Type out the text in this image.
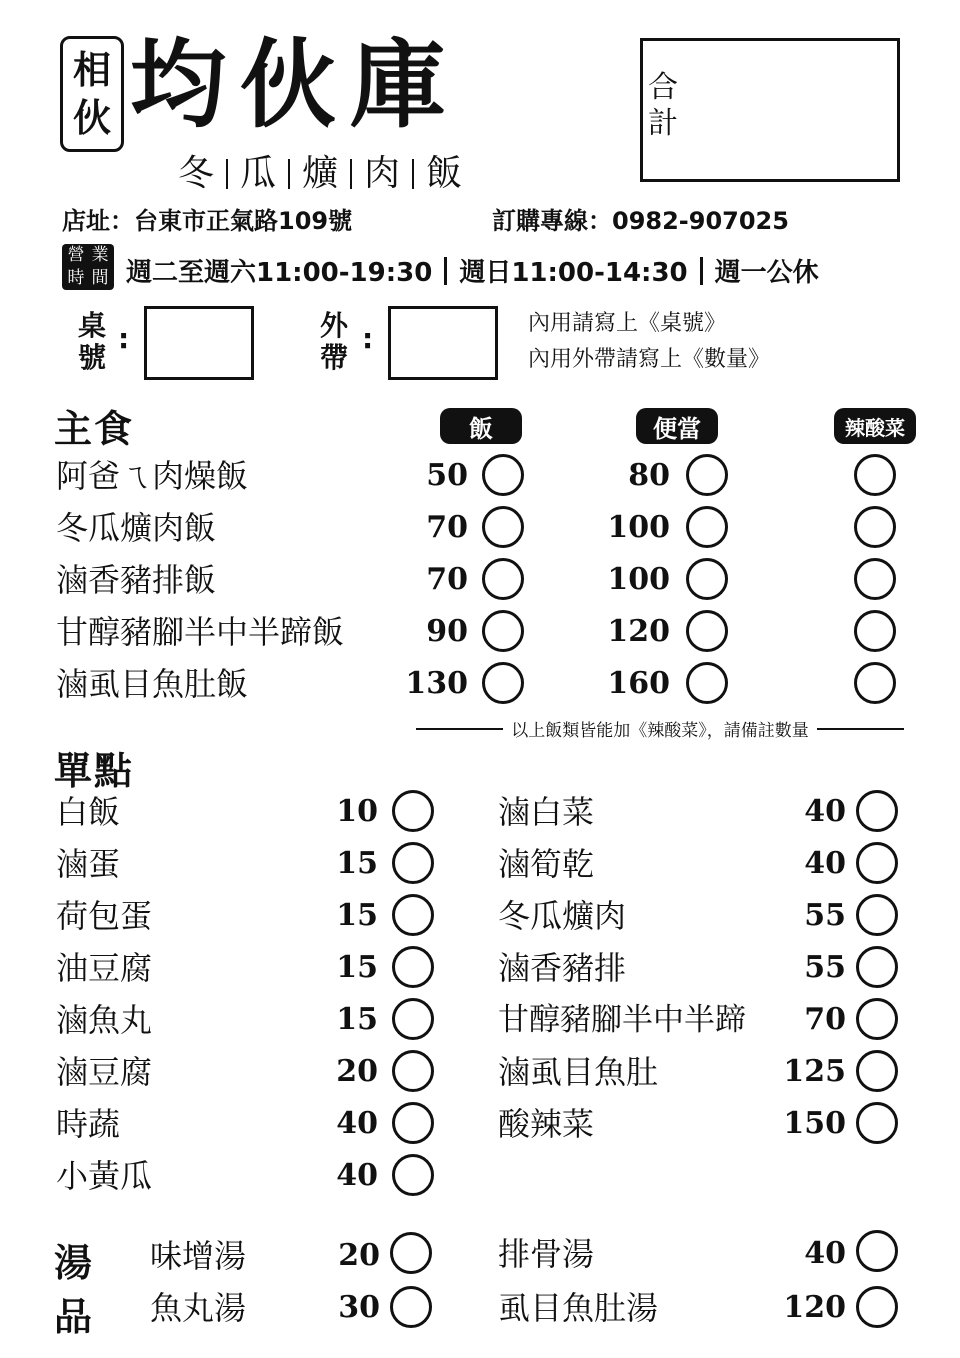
相
伙 均伙庫
冬 瓜 爌 肉 飯
合計
店址：台東市正氣路109號	訂購專線：0982-907025
營 業
時 間 週二至週六11:00-19:30 週日11:00-14:30 週一公休
桌號
:	外帶
:	內用請寫上《桌號》
內用外帶請寫上《數量》
主食	飯	便當	辣酸菜
阿爸ㄟ肉燥飯	50	80
冬瓜爌肉飯	70	100
滷香豬排飯	70	100
甘醇豬腳半中半蹄飯	90	120
滷虱目魚肚飯	130	160
以上飯類皆能加《辣酸菜》，請備註數量
單點
白飯	10
滷蛋	15
荷包蛋	15
油豆腐	15
滷魚丸	15
滷豆腐	20
時蔬	40
小黃瓜	40
滷白菜	40
滷筍乾	40
冬瓜爌肉	55
滷香豬排	55
甘醇豬腳半中半蹄	70
滷虱目魚肚	125
酸辣菜	150
湯
品
味增湯	20
魚丸湯	30
排骨湯	40
虱目魚肚湯	120
